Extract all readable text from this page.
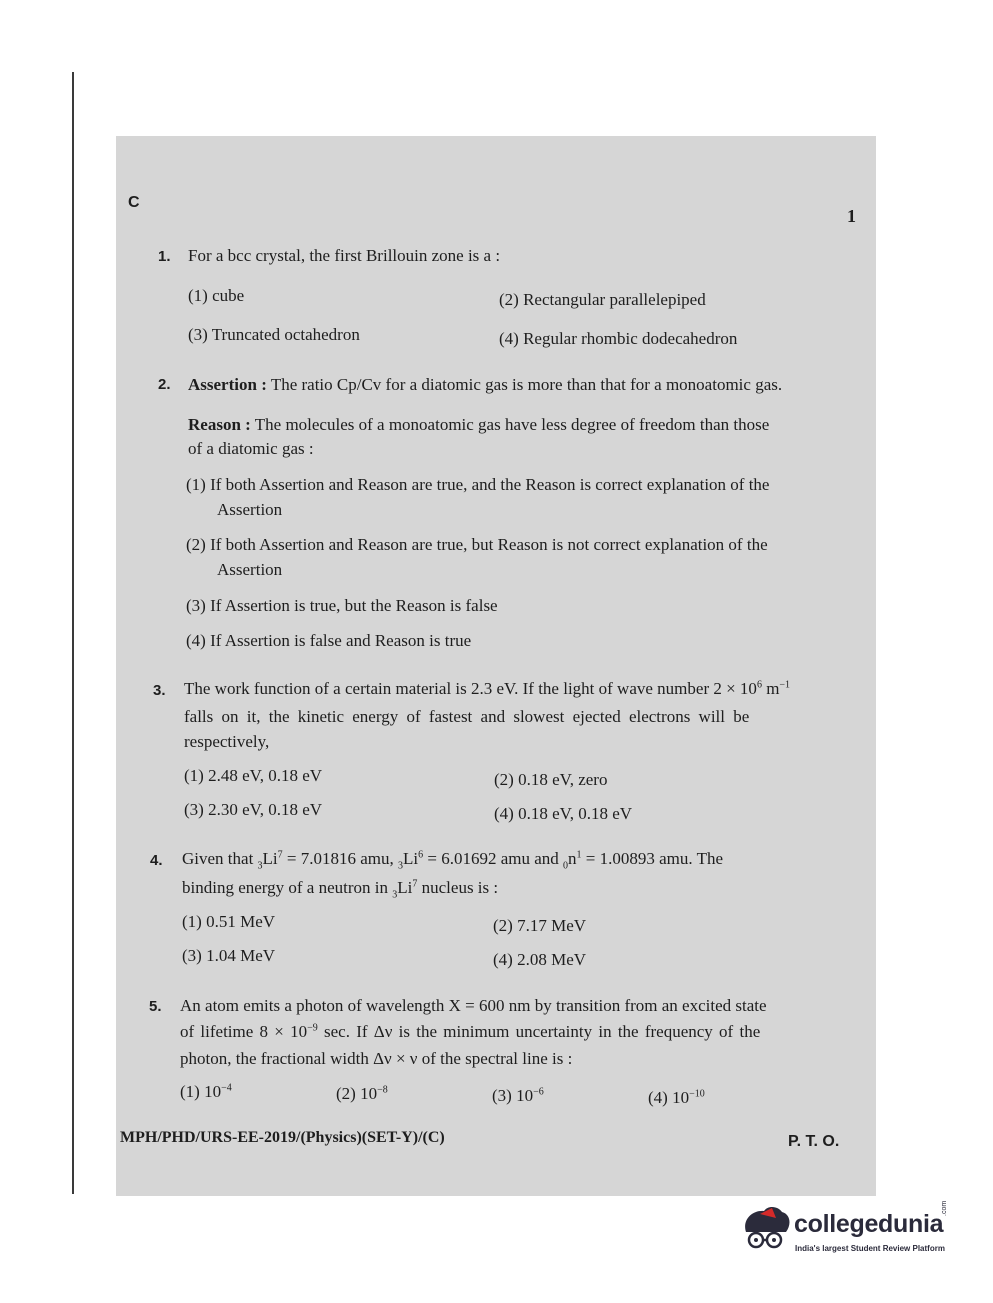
C
1
1. For a bcc crystal, the first Brillouin zone is a :
(1) cube	(2) Rectangular parallelepiped
(3) Truncated octahedron	(4) Regular rhombic dodecahedron
2. Assertion : The ratio Cp/Cv for a diatomic gas is more than that for a monoatomic gas.
Reason : The molecules of a monoatomic gas have less degree of freedom than those
of a diatomic gas :
(1) If both Assertion and Reason are true, and the Reason is correct explanation of the
Assertion
(2) If both Assertion and Reason are true, but Reason is not correct explanation of the
Assertion
(3) If Assertion is true, but the Reason is false
(4) If Assertion is false and Reason is true
3. The work function of a certain material is 2.3 eV. If the light of wave number $2 \times 10^6$ $m^{-1}$
falls on it, the kinetic energy of fastest and slowest ejected electrons will be
respectively,
(1) 2.48 eV, 0.18 eV	(2) 0.18 eV, zero
(3) 2.30 eV, 0.18 eV	(4) 0.18 eV, 0.18 eV
4. Given that $_3Li^7 = 7.01816$ amu, $_3Li^6 = 6.01692$ amu and $_0n^1 = 1.00893$ amu. The
binding energy of a neutron in $_3Li^7$ nucleus is :
(1) 0.51 MeV	(2) 7.17 MeV
(3) 1.04 MeV	(4) 2.08 MeV
5. An atom emits a photon of wavelength X = 600 nm by transition from an excited state
of lifetime $8 \times 10^{-9}$ sec. If Δν is the minimum uncertainty in the frequency of the
photon, the fractional width Δν × ν of the spectral line is :
(1) $10^{-4}$	(2) $10^{-8}$	(3) $10^{-6}$	(4) $10^{-10}$
MPH/PHD/URS-EE-2019/(Physics)(SET-Y)/(C)	P. T. O.
collegedunia
.com
India's largest Student Review Platform
